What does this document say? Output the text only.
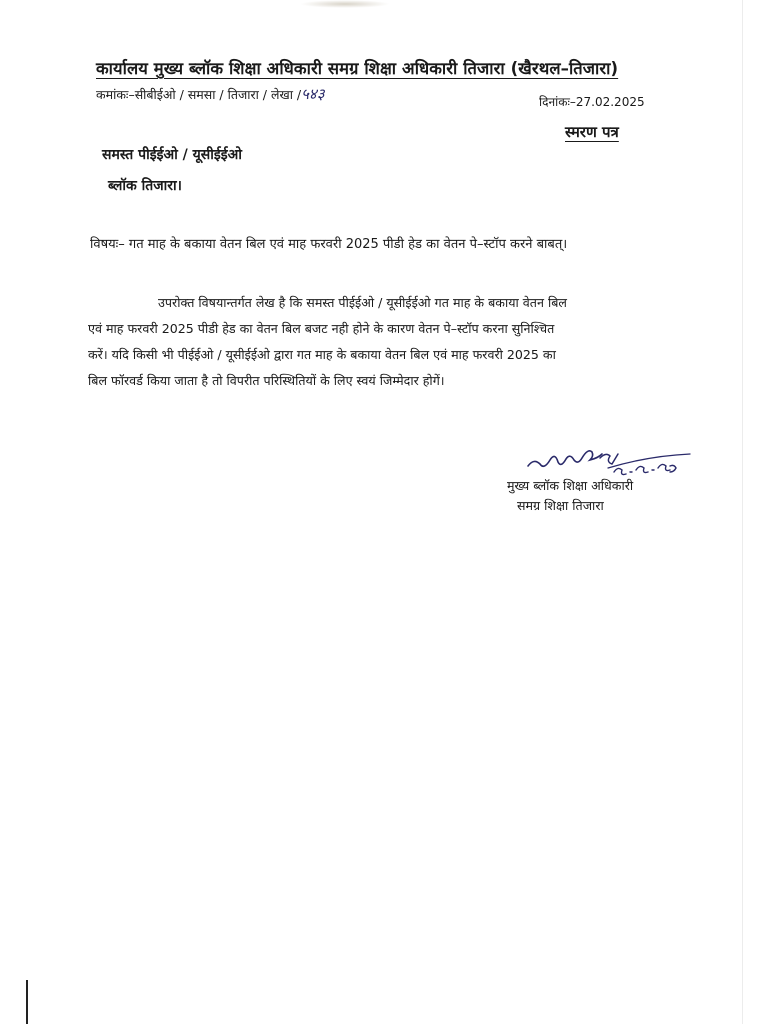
कार्यालय मुख्य ब्लॉक शिक्षा अधिकारी समग्र शिक्षा अधिकारी तिजारा (खैरथल–तिजारा)
कमांकः–सीबीईओ / समसा / तिजारा / लेखा /५४३	दिनांकः–27.02.2025
स्मरण पत्र
समस्त पीईईओ / यूसीईईओ
ब्लॉक तिजारा।
विषयः– गत माह के बकाया वेतन बिल एवं माह फरवरी 2025 पीडी हेड का वेतन पे–स्टॉप करने बाबत्।
उपरोक्त विषयान्तर्गत लेख है कि समस्त पीईईओ / यूसीईईओ गत माह के बकाया वेतन बिल
एवं माह फरवरी 2025 पीडी हेड का वेतन बिल बजट नही होने के कारण वेतन पे–स्टॉप करना सुनिश्चित
करें। यदि किसी भी पीईईओ / यूसीईईओ द्वारा गत माह के बकाया वेतन बिल एवं माह फरवरी 2025 का
बिल फॉरवर्ड किया जाता है तो विपरीत परिस्थितियों के लिए स्वयं जिम्मेदार होगें।
मुख्य ब्लॉक शिक्षा अधिकारी
समग्र शिक्षा तिजारा
